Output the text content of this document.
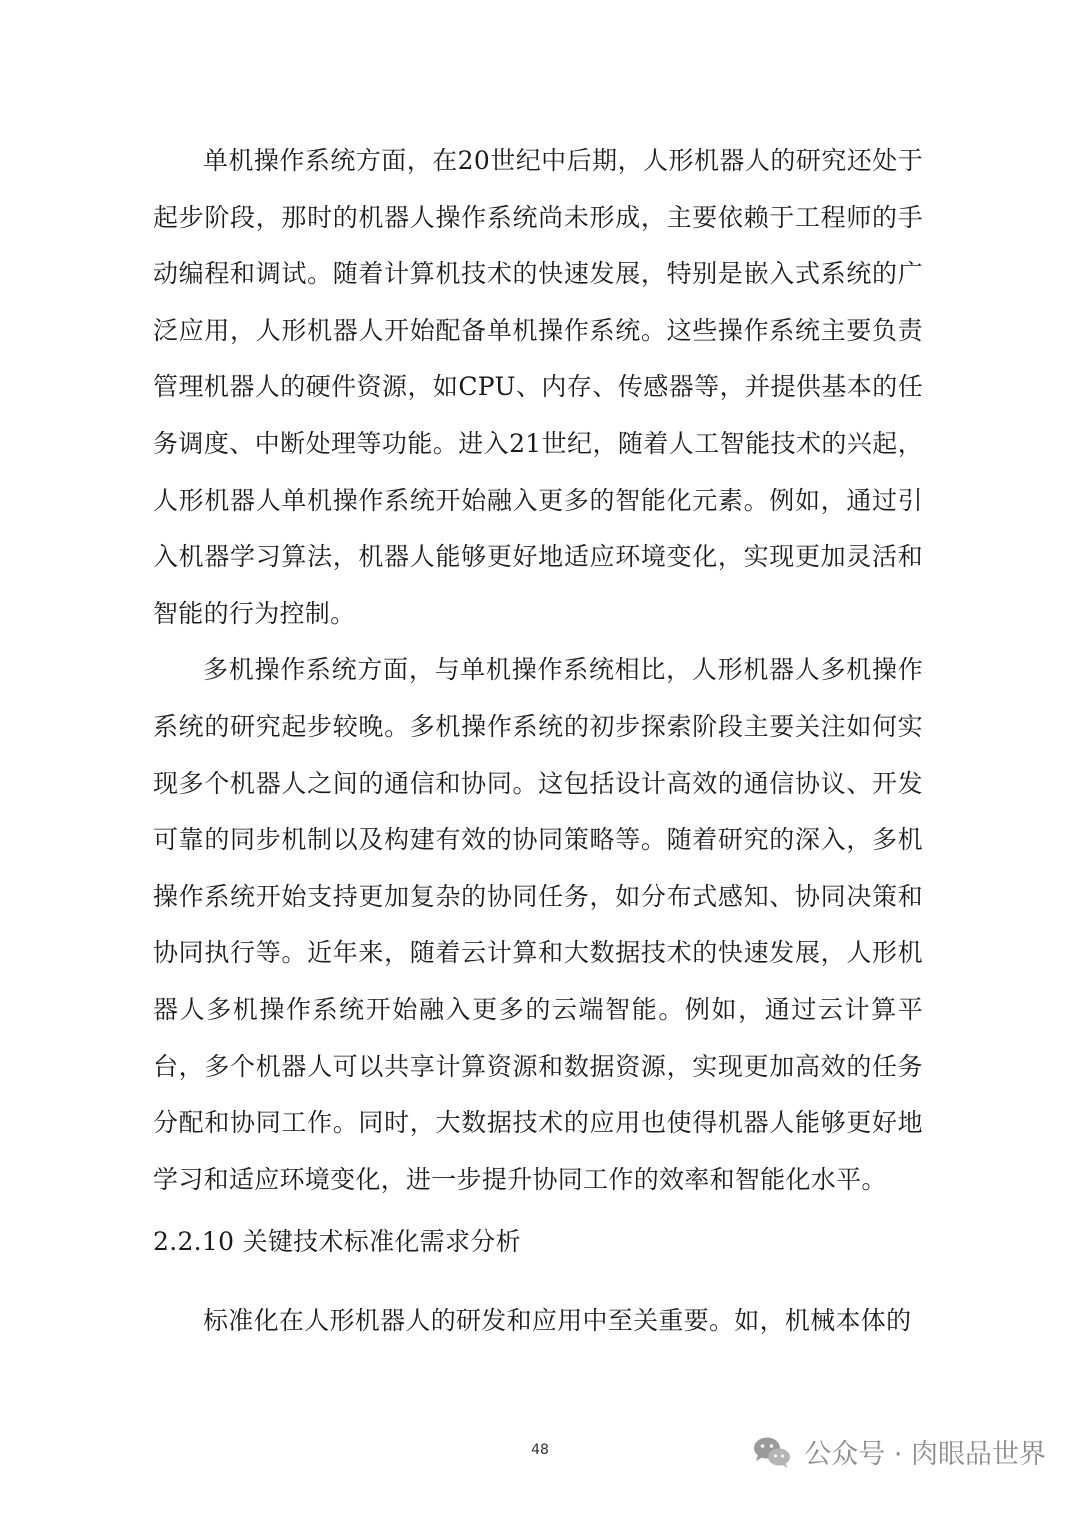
单机操作系统方面，在20世纪中后期，人形机器人的研究还处于起步阶段，那时的机器人操作系统尚未形成，主要依赖于工程师的手动编程和调试。随着计算机技术的快速发展，特别是嵌入式系统的广泛应用，人形机器人开始配备单机操作系统。这些操作系统主要负责管理机器人的硬件资源，如CPU、内存、传感器等，并提供基本的任务调度、中断处理等功能。进入21世纪，随着人工智能技术的兴起，人形机器人单机操作系统开始融入更多的智能化元素。例如，通过引入机器学习算法，机器人能够更好地适应环境变化，实现更加灵活和智能的行为控制。

多机操作系统方面，与单机操作系统相比，人形机器人多机操作系统的研究起步较晚。多机操作系统的初步探索阶段主要关注如何实现多个机器人之间的通信和协同。这包括设计高效的通信协议、开发可靠的同步机制以及构建有效的协同策略等。随着研究的深入，多机操作系统开始支持更加复杂的协同任务，如分布式感知、协同决策和协同执行等。近年来，随着云计算和大数据技术的快速发展，人形机器人多机操作系统开始融入更多的云端智能。例如，通过云计算平台，多个机器人可以共享计算资源和数据资源，实现更加高效的任务分配和协同工作。同时，大数据技术的应用也使得机器人能够更好地学习和适应环境变化，进一步提升协同工作的效率和智能化水平。

2.2.10 关键技术标准化需求分析

标准化在人形机器人的研发和应用中至关重要。如，机械本体的

48	公众号 · 肉眼品世界
